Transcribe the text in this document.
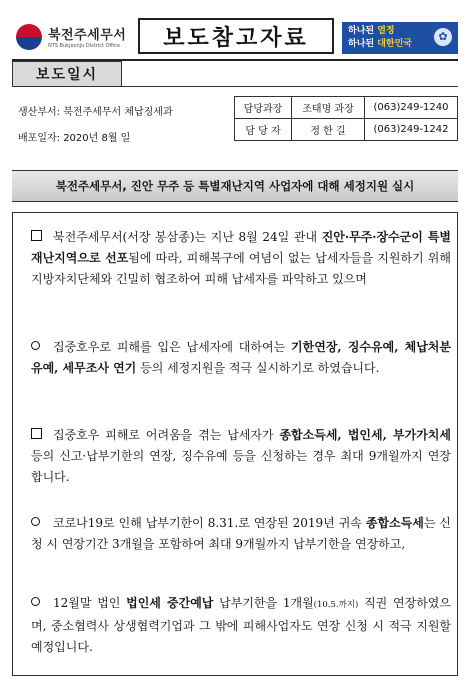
북전주세무서
NTS Bukjeonju District Office	보도참고자료	하나된 열정
하나된 대한민국
✿
보도일시
생산부서: 북전주세무서 체납징세과
배포일자: 2020년 8월 일
담당과장	조태명 과장	(063)249-1240
담 당 자	정 한 길	(063)249-1242
북전주세무서, 진안 무주 등 특별재난지역 사업자에 대해 세정지원 실시

북전주세무서(서장 봉삼종)는 지난 8월 24일 관내 진안·무주·장수군이 특별재난지역으로 선포됨에 따라, 피해복구에 여념이 없는 납세자들을 지원하기 위해 지방자치단체와 긴밀히 협조하여 피해 납세자를 파악하고 있으며

집중호우로 피해를 입은 납세자에 대하여는 기한연장, 징수유예, 체납처분 유예, 세무조사 연기 등의 세정지원을 적극 실시하기로 하였습니다.

집중호우 피해로 어려움을 겪는 납세자가 종합소득세, 법인세, 부가가치세 등의 신고·납부기한의 연장, 징수유예 등을 신청하는 경우 최대 9개월까지 연장합니다.

코로나19로 인해 납부기한이 8.31.로 연장된 2019년 귀속 종합소득세는 신청 시 연장기간 3개월을 포함하여 최대 9개월까지 납부기한을 연장하고,

12월말 법인 법인세 중간예납 납부기한을 1개월(10.5.까지) 직권 연장하였으며, 중소협력사 상생협력기업과 그 밖에 피해사업자도 연장 신청 시 적극 지원할 예정입니다.
